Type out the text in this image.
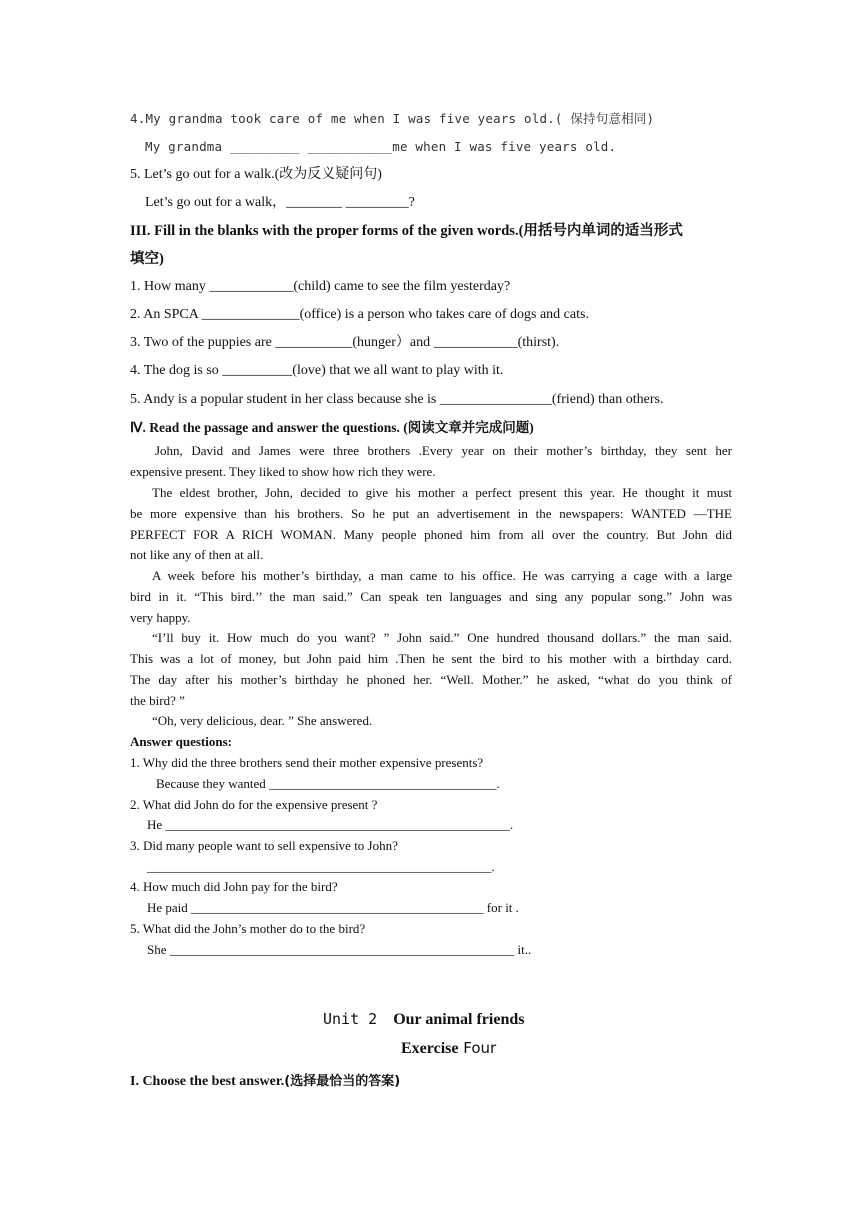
4.My grandma took care of me when I was five years old.( 保持句意相同)
My grandma _________ ___________me when I was five years old.
5. Let’s go out for a walk.(改为反义疑问句)
Let’s go out for a walk，________ _________?
III. Fill in the blanks with the proper forms of the given words.(用括号内单词的适当形式
填空)
1. How many ____________(child) came to see the film yesterday?
2. An SPCA ______________(office) is a person who takes care of dogs and cats.
3. Two of the puppies are ___________(hunger）and ____________(thirst).
4. The dog is so __________(love) that we all want to play with it.
5. Andy is a popular student in her class because she is ________________(friend) than others.
Ⅳ. Read the passage and answer the questions. (阅读文章并完成问题)
John, David and James were three brothers .Every year on their mother’s birthday, they sent her
expensive present. They liked to show how rich they were.
The eldest brother, John, decided to give his mother a perfect present this year. He thought it must
be more expensive than his brothers. So he put an advertisement in the newspapers: WANTED —THE
PERFECT FOR A RICH WOMAN. Many people phoned him from all over the country. But John did
not like any of then at all.
A week before his mother’s birthday, a man came to his office. He was carrying a cage with a large
bird in it. “This bird.’’ the man said.” Can speak ten languages and sing any popular song.” John was
very happy.
“I’ll buy it. How much do you want? ” John said.” One hundred thousand dollars.” the man said.
This was a lot of money, but John paid him .Then he sent the bird to his mother with a birthday card.
The day after his mother’s birthday he phoned her. “Well. Mother.” he asked, “what do you think of
the bird? ”
“Oh, very delicious, dear. ” She answered.
Answer questions:
1. Why did the three brothers send their mother expensive presents?
Because they wanted ___________________________________.
2. What did John do for the expensive present ?
He _____________________________________________________.
3. Did many people want to sell expensive to John?
_____________________________________________________.
4. How much did John pay for the bird?
He paid _____________________________________________ for it .
5. What did the John’s mother do to the bird?
She _____________________________________________________ it..
Unit 2 Our animal friends
Exercise Four
I. Choose the best answer.(选择最恰当的答案)
